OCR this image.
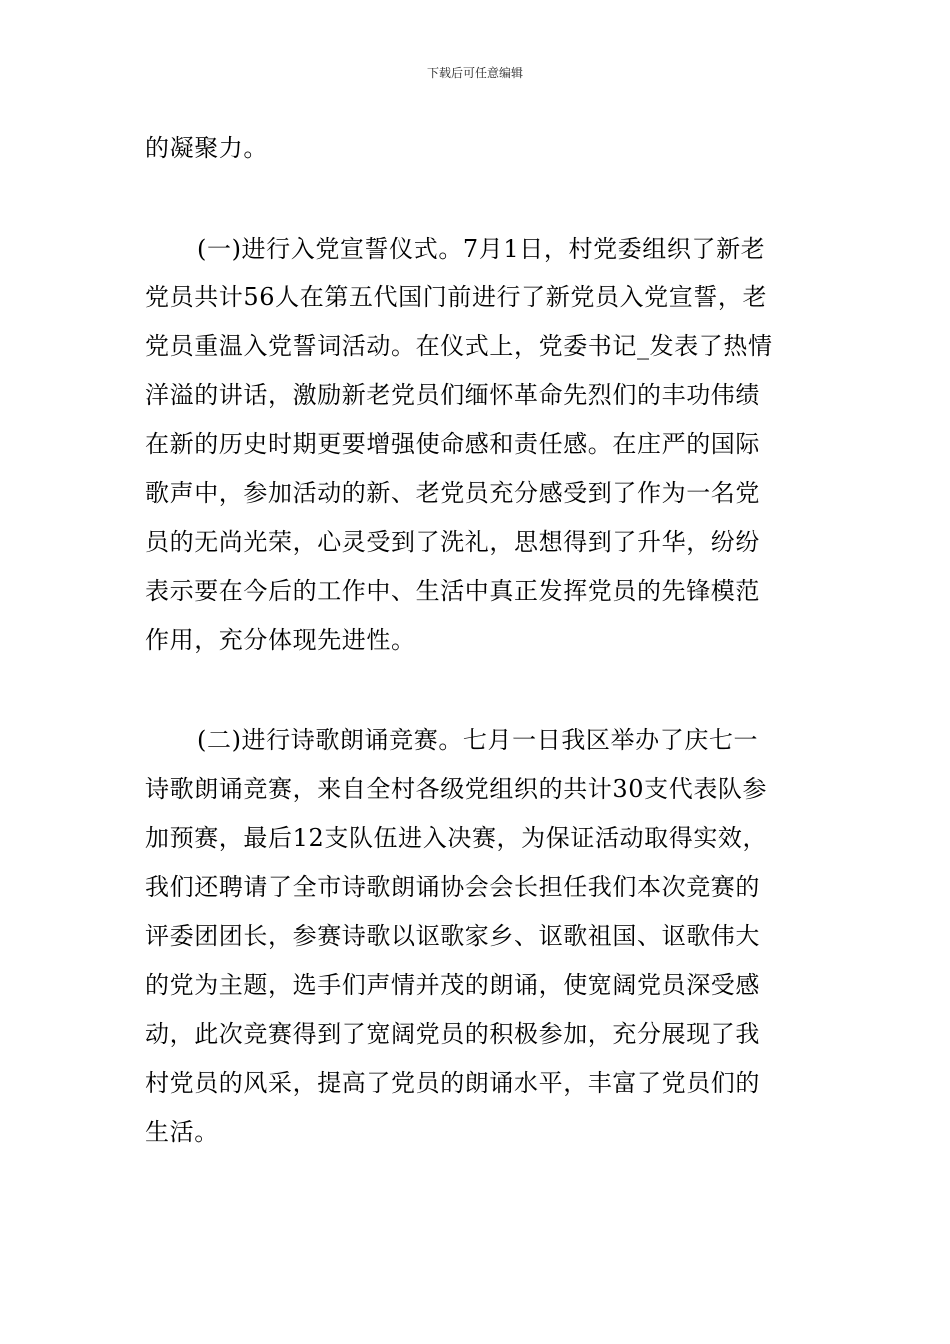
下载后可任意编辑
的凝聚力。
(一)进行入党宣誓仪式。7月1日，村党委组织了新老
党员共计56人在第五代国门前进行了新党员入党宣誓，老
党员重温入党誓词活动。在仪式上，党委书记_发表了热情
洋溢的讲话，激励新老党员们缅怀革命先烈们的丰功伟绩
在新的历史时期更要增强使命感和责任感。在庄严的国际
歌声中，参加活动的新、老党员充分感受到了作为一名党
员的无尚光荣，心灵受到了洗礼，思想得到了升华，纷纷
表示要在今后的工作中、生活中真正发挥党员的先锋模范
作用，充分体现先进性。
(二)进行诗歌朗诵竞赛。七月一日我区举办了庆七一
诗歌朗诵竞赛，来自全村各级党组织的共计30支代表队参
加预赛，最后12支队伍进入决赛，为保证活动取得实效，
我们还聘请了全市诗歌朗诵协会会长担任我们本次竞赛的
评委团团长，参赛诗歌以讴歌家乡、讴歌祖国、讴歌伟大
的党为主题，选手们声情并茂的朗诵，使宽阔党员深受感
动，此次竞赛得到了宽阔党员的积极参加，充分展现了我
村党员的风采，提高了党员的朗诵水平，丰富了党员们的
生活。
